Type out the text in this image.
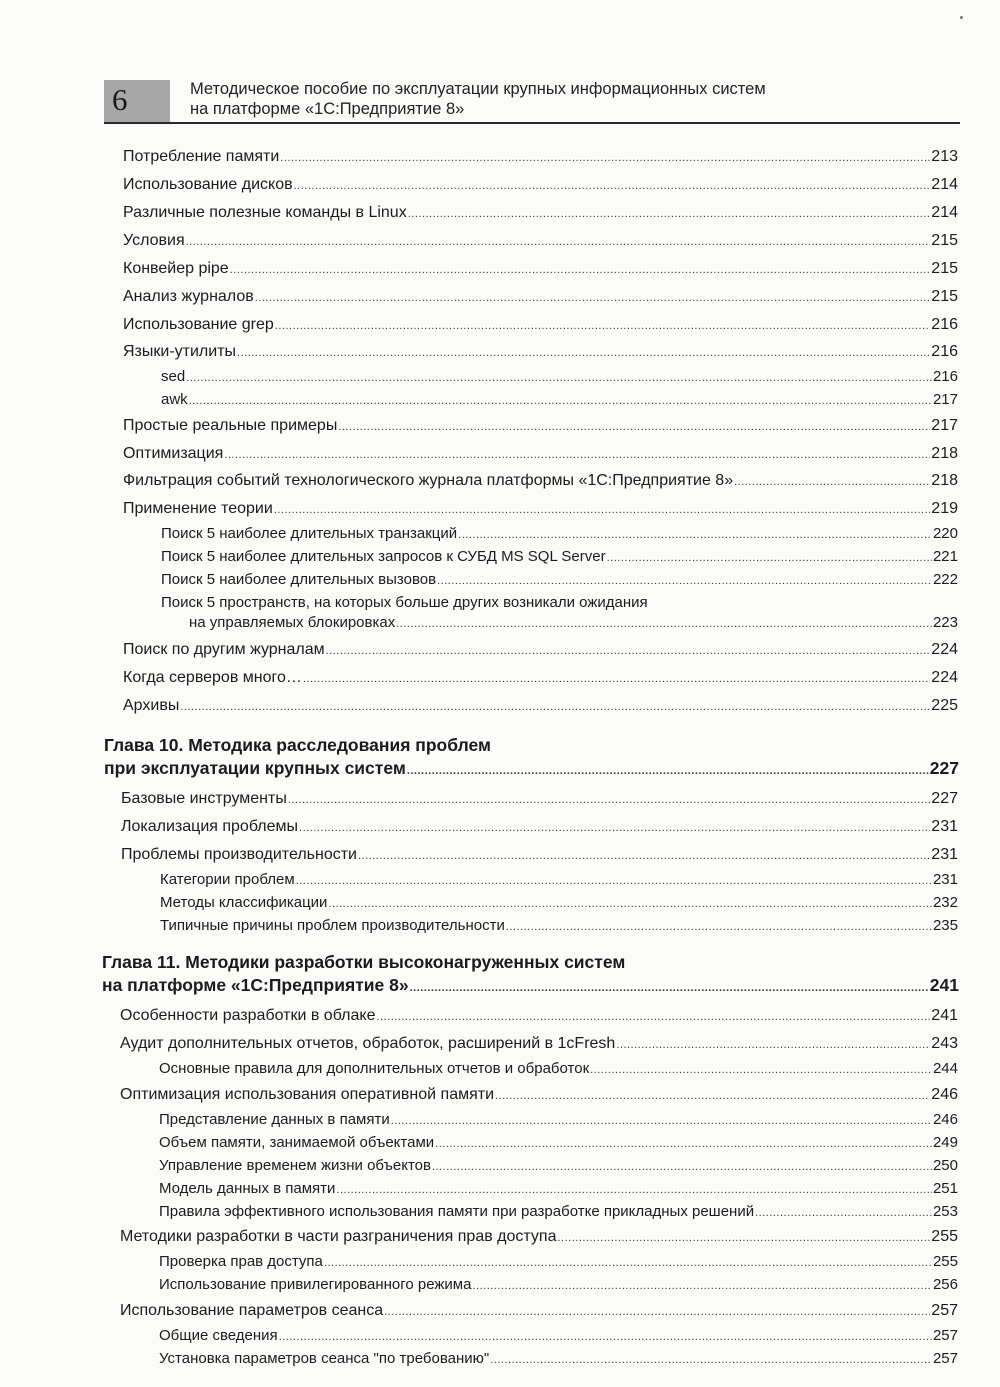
6	Методическое пособие по эксплуатации крупных информационных систем
на платформе «1С:Предприятие 8»
Потребление памяти .....	213
Использование дисков .....	214
Различные полезные команды в Linux .....	214
Условия .....	215
Конвейер pipe .....	215
Анализ журналов .....	215
Использование grep .....	216
Языки-утилиты .....	216
sed .....	216
awk .....	217
Простые реальные примеры .....	217
Оптимизация .....	218
Фильтрация событий технологического журнала платформы «1С:Предприятие 8» .....	218
Применение теории .....	219
Поиск 5 наиболее длительных транзакций .....	220
Поиск 5 наиболее длительных запросов к СУБД MS SQL Server .....	221
Поиск 5 наиболее длительных вызовов .....	222
Поиск 5 пространств, на которых больше других возникали ожидания
на управляемых блокировках .....	223
Поиск по другим журналам .....	224
Когда серверов много… .....	224
Архивы .....	225
Глава 10. Методика расследования проблем
при эксплуатации крупных систем .....	227
Базовые инструменты .....	227
Локализация проблемы .....	231
Проблемы производительности .....	231
Категории проблем .....	231
Методы классификации .....	232
Типичные причины проблем производительности .....	235
Глава 11. Методики разработки высоконагруженных систем
на платформе «1С:Предприятие 8» .....	241
Особенности разработки в облаке .....	241
Аудит дополнительных отчетов, обработок, расширений в 1cFresh .....	243
Основные правила для дополнительных отчетов и обработок .....	244
Оптимизация использования оперативной памяти .....	246
Представление данных в памяти .....	246
Объем памяти, занимаемой объектами .....	249
Управление временем жизни объектов .....	250
Модель данных в памяти .....	251
Правила эффективного использования памяти при разработке прикладных решений .....	253
Методики разработки в части разграничения прав доступа .....	255
Проверка прав доступа .....	255
Использование привилегированного режима .....	256
Использование параметров сеанса .....	257
Общие сведения .....	257
Установка параметров сеанса "по требованию" .....	257
